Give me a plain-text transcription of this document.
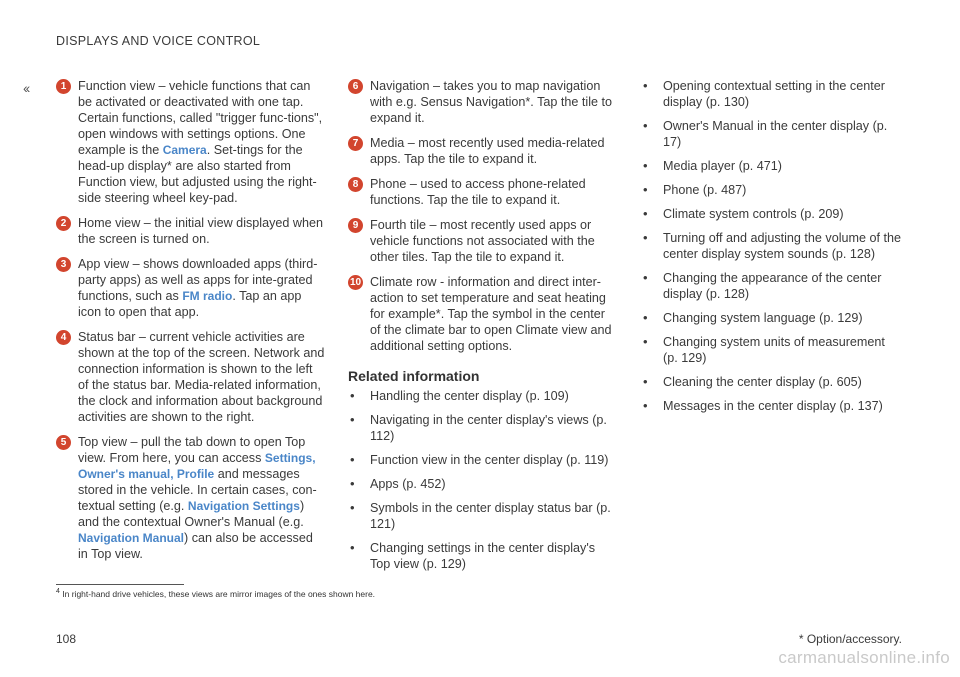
DISPLAYS AND VOICE CONTROL
‹‹	1 Function view – vehicle functions that can be activated or deactivated with one tap. Certain functions, called "trigger func-tions", open windows with settings options. One example is the Camera. Set-tings for the head-up display* are also started from Function view, but adjusted using the right-side steering wheel key-pad.
2 Home view – the initial view displayed when the screen is turned on.
3 App view – shows downloaded apps (third-party apps) as well as apps for inte-grated functions, such as FM radio. Tap an app icon to open that app.
4 Status bar – current vehicle activities are shown at the top of the screen. Network and connection information is shown to the left of the status bar. Media-related information, the clock and information about background activities are shown to the right.
5 Top view – pull the tab down to open Top view. From here, you can access Settings, Owner's manual, Profile and messages stored in the vehicle. In certain cases, con-textual setting (e.g. Navigation Settings) and the contextual Owner's Manual (e.g. Navigation Manual) can also be accessed in Top view.
6 Navigation – takes you to map navigation with e.g. Sensus Navigation*. Tap the tile to expand it.
7 Media – most recently used media-related apps. Tap the tile to expand it.
8 Phone – used to access phone-related functions. Tap the tile to expand it.
9 Fourth tile – most recently used apps or vehicle functions not associated with the other tiles. Tap the tile to expand it.
10 Climate row - information and direct inter-action to set temperature and seat heating for example*. Tap the symbol in the center of the climate bar to open Climate view and additional setting options.
Related information
• Handling the center display (p. 109)
• Navigating in the center display's views (p. 112)
• Function view in the center display (p. 119)
• Apps (p. 452)
• Symbols in the center display status bar (p. 121)
• Changing settings in the center display's Top view (p. 129)
• Opening contextual setting in the center display (p. 130)
• Owner's Manual in the center display (p. 17)
• Media player (p. 471)
• Phone (p. 487)
• Climate system controls (p. 209)
• Turning off and adjusting the volume of the center display system sounds (p. 128)
• Changing the appearance of the center display (p. 128)
• Changing system language (p. 129)
• Changing system units of measurement (p. 129)
• Cleaning the center display (p. 605)
• Messages in the center display (p. 137)
$^4$ In right-hand drive vehicles, these views are mirror images of the ones shown here.
108	* Option/accessory.
carmanualsonline.info
